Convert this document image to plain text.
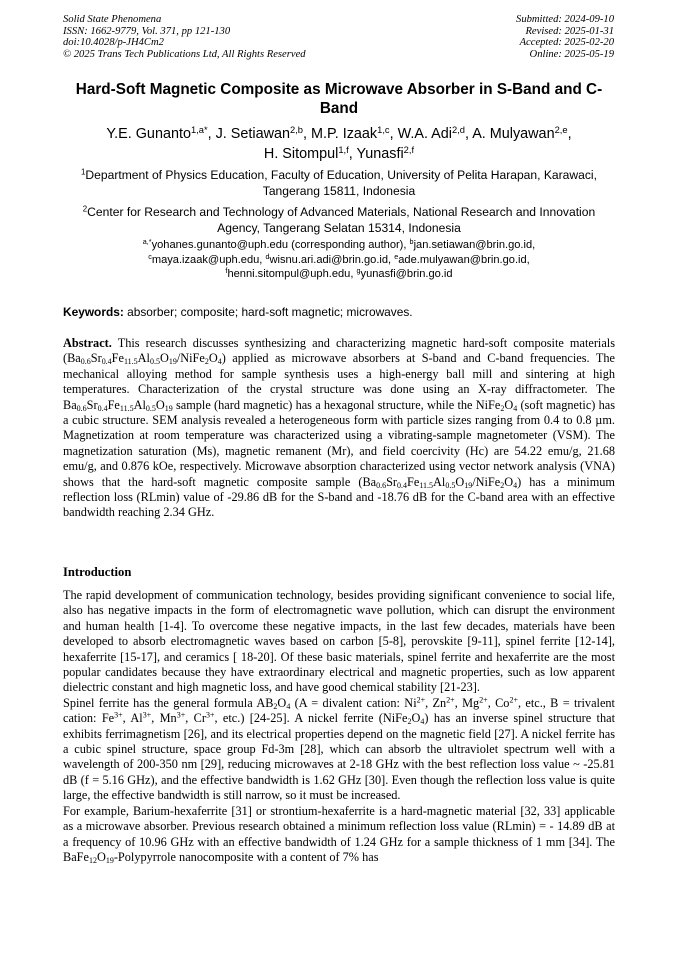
Solid State Phenomena
ISSN: 1662-9779, Vol. 371, pp 121-130
doi:10.4028/p-JH4Cm2
© 2025 Trans Tech Publications Ltd, All Rights Reserved
Submitted: 2024-09-10
Revised: 2025-01-31
Accepted: 2025-02-20
Online: 2025-05-19
Hard-Soft Magnetic Composite as Microwave Absorber in S-Band and C-Band
Y.E. Gunanto$^{1,a*}$, J. Setiawan$^{2,b}$, M.P. Izaak$^{1,c}$, W.A. Adi$^{2,d}$, A. Mulyawan$^{2,e}$,
H. Sitompul$^{1,f}$, Yunasfi$^{2,f}$
$^1$Department of Physics Education, Faculty of Education, University of Pelita Harapan, Karawaci, Tangerang 15811, Indonesia
$^2$Center for Research and Technology of Advanced Materials, National Research and Innovation Agency, Tangerang Selatan 15314, Indonesia
$^{a,*}$yohanes.gunanto@uph.edu (corresponding author), $^b$jan.setiawan@brin.go.id,
$^c$maya.izaak@uph.edu, $^d$wisnu.ari.adi@brin.go.id, $^e$ade.mulyawan@brin.go.id,
$^f$henni.sitompul@uph.edu, $^g$yunasfi@brin.go.id
Keywords: absorber; composite; hard-soft magnetic; microwaves.
Abstract. This research discusses synthesizing and characterizing magnetic hard-soft composite materials $(Ba_{0.6}Sr_{0.4}Fe_{11.5}Al_{0.5}O_{19}/NiFe_2O_4)$ applied as microwave absorbers at S-band and C-band frequencies. The mechanical alloying method for sample synthesis uses a high-energy ball mill and sintering at high temperatures. Characterization of the crystal structure was done using an X-ray diffractometer. The $Ba_{0.6}Sr_{0.4}Fe_{11.5}Al_{0.5}O_{19}$ sample (hard magnetic) has a hexagonal structure, while the $NiFe_2O_4$ (soft magnetic) has a cubic structure. SEM analysis revealed a heterogeneous form with particle sizes ranging from 0.4 to 0.8 µm. Magnetization at room temperature was characterized using a vibrating-sample magnetometer (VSM). The magnetization saturation (Ms), magnetic remanent (Mr), and field coercivity (Hc) are 54.22 emu/g, 21.68 emu/g, and 0.876 kOe, respectively. Microwave absorption characterized using vector network analysis (VNA) shows that the hard-soft magnetic composite sample $(Ba_{0.6}Sr_{0.4}Fe_{11.5}Al_{0.5}O_{19}/NiFe_2O_4)$ has a minimum reflection loss (RLmin) value of -29.86 dB for the S-band and -18.76 dB for the C-band area with an effective bandwidth reaching 2.34 GHz.
Introduction

The rapid development of communication technology, besides providing significant convenience to social life, also has negative impacts in the form of electromagnetic wave pollution, which can disrupt the environment and human health [1-4]. To overcome these negative impacts, in the last few decades, materials have been developed to absorb electromagnetic waves based on carbon [5-8], perovskite [9-11], spinel ferrite [12-14], hexaferrite [15-17], and ceramics [ 18-20]. Of these basic materials, spinel ferrite and hexaferrite are the most popular candidates because they have extraordinary electrical and magnetic properties, such as low apparent dielectric constant and high magnetic loss, and have good chemical stability [21-23].

Spinel ferrite has the general formula $AB_2O_4$ (A = divalent cation: $Ni^{2+}$, $Zn^{2+}$, $Mg^{2+}$, $Co^{2+}$, etc., B = trivalent cation: $Fe^{3+}$, $Al^{3+}$, $Mn^{3+}$, $Cr^{3+}$, etc.) [24-25]. A nickel ferrite $(NiFe_2O_4)$ has an inverse spinel structure that exhibits ferrimagnetism [26], and its electrical properties depend on the magnetic field [27]. A nickel ferrite has a cubic spinel structure, space group Fd-3m [28], which can absorb the ultraviolet spectrum well with a wavelength of 200-350 nm [29], reducing microwaves at 2-18 GHz with the best reflection loss value ~ -25.81 dB (f = 5.16 GHz), and the effective bandwidth is 1.62 GHz [30]. Even though the reflection loss value is quite large, the effective bandwidth is still narrow, so it must be increased.

For example, Barium-hexaferrite [31] or strontium-hexaferrite is a hard-magnetic material [32, 33] applicable as a microwave absorber. Previous research obtained a minimum reflection loss value (RLmin) = - 14.89 dB at a frequency of 10.96 GHz with an effective bandwidth of 1.24 GHz for a sample thickness of 1 mm [34]. The $BaFe_{12}O_{19}$-Polypyrrole nanocomposite with a content of 7% has
